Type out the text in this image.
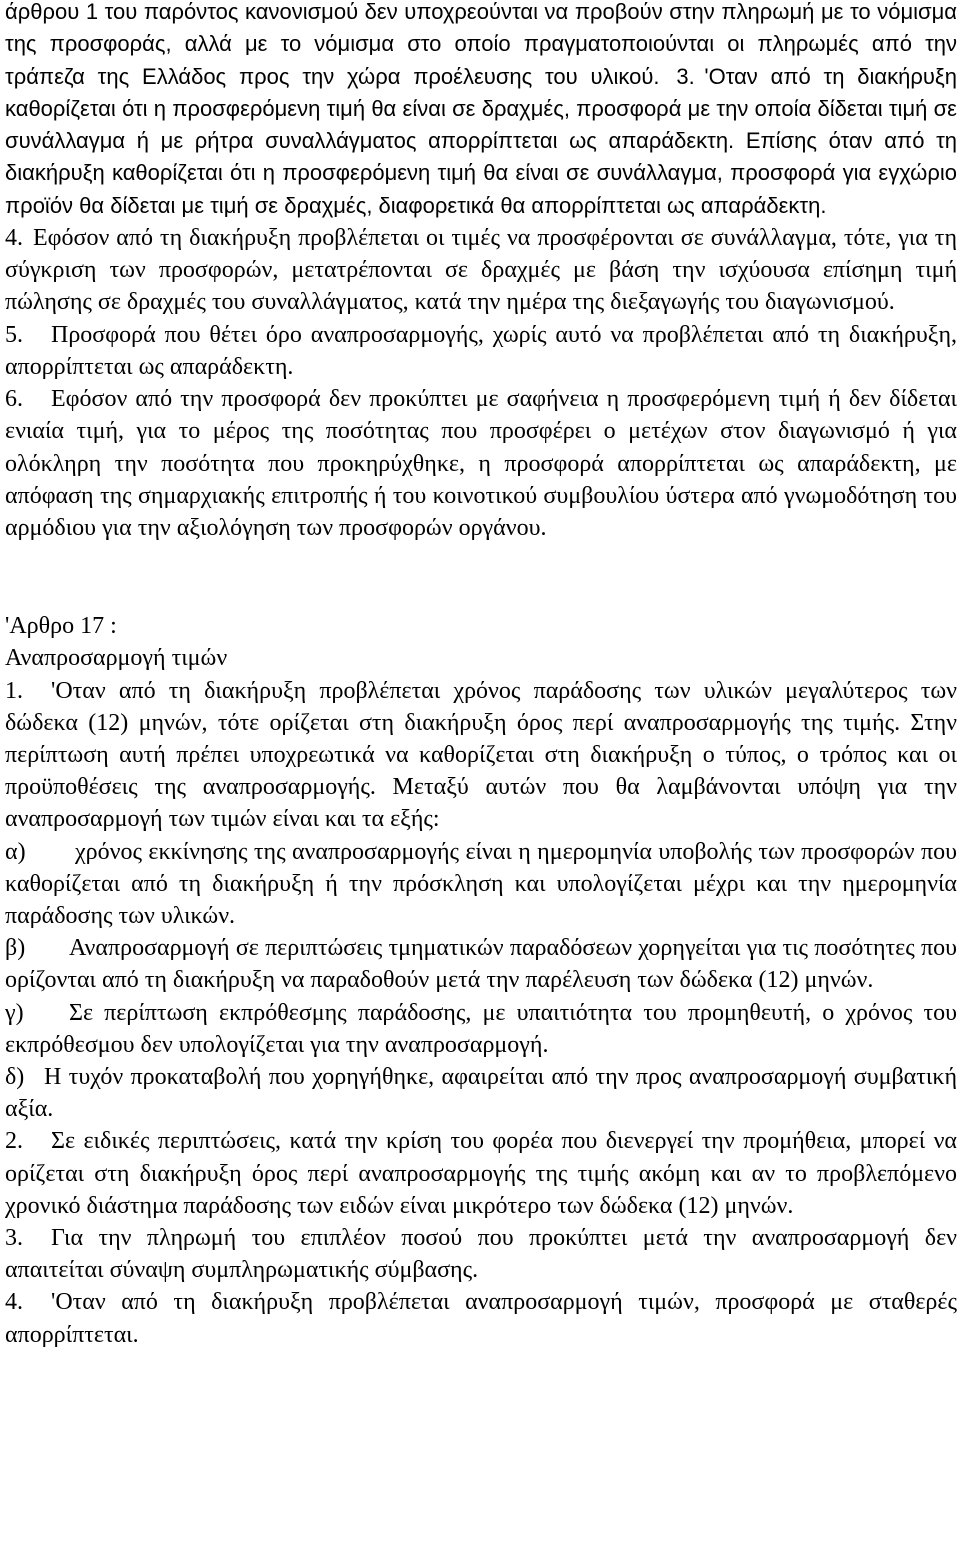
άρθρου 1 του παρόντος κανονισμού δεν υποχρεούνται να προβούν στην πληρωμή με το νόμισμα της προσφοράς, αλλά με το νόμισμα στο οποίο πραγματοποιούνται οι πληρωμές από την τράπεζα της Ελλάδος προς την χώρα προέλευσης του υλικού. 3. 'Οταν από τη διακήρυξη καθορίζεται ότι η προσφερόμενη τιμή θα είναι σε δραχμές, προσφορά με την οποία δίδεται τιμή σε συνάλλαγμα ή με ρήτρα συναλλάγματος απορρίπτεται ως απαράδεκτη. Επίσης όταν από τη διακήρυξη καθορίζεται ότι η προσφερόμενη τιμή θα είναι σε συνάλλαγμα, προσφορά για εγχώριο προϊόν θα δίδεται με τιμή σε δραχμές, διαφορετικά θα απορρίπτεται ως απαράδεκτη.

4. Εφόσον από τη διακήρυξη προβλέπεται οι τιμές να προσφέρονται σε συνάλλαγμα, τότε, για τη σύγκριση των προσφορών, μετατρέπονται σε δραχμές με βάση την ισχύουσα επίσημη τιμή πώλησης σε δραχμές του συναλλάγματος, κατά την ημέρα της διεξαγωγής του διαγωνισμού.

5. Προσφορά που θέτει όρο αναπροσαρμογής, χωρίς αυτό να προβλέπεται από τη διακήρυξη, απορρίπτεται ως απαράδεκτη.

6. Εφόσον από την προσφορά δεν προκύπτει με σαφήνεια η προσφερόμενη τιμή ή δεν δίδεται ενιαία τιμή, για το μέρος της ποσότητας που προσφέρει ο μετέχων στον διαγωνισμό ή για ολόκληρη την ποσότητα που προκηρύχθηκε, η προσφορά απορρίπτεται ως απαράδεκτη, με απόφαση της σημαρχιακής επιτροπής ή του κοινοτικού συμβουλίου ύστερα από γνωμοδότηση του αρμόδιου για την αξιολόγηση των προσφορών οργάνου.

'Αρθρο 17 :

Αναπροσαρμογή τιμών

1. 'Οταν από τη διακήρυξη προβλέπεται χρόνος παράδοσης των υλικών μεγαλύτερος των δώδεκα (12) μηνών, τότε ορίζεται στη διακήρυξη όρος περί αναπροσαρμογής της τιμής. Στην περίπτωση αυτή πρέπει υποχρεωτικά να καθορίζεται στη διακήρυξη ο τύπος, ο τρόπος και οι προϋποθέσεις της αναπροσαρμογής. Μεταξύ αυτών που θα λαμβάνονται υπόψη για την αναπροσαρμογή των τιμών είναι και τα εξής:

α) χρόνος εκκίνησης της αναπροσαρμογής είναι η ημερομηνία υποβολής των προσφορών που καθορίζεται από τη διακήρυξη ή την πρόσκληση και υπολογίζεται μέχρι και την ημερομηνία παράδοσης των υλικών.

β) Αναπροσαρμογή σε περιπτώσεις τμηματικών παραδόσεων χορηγείται για τις ποσότητες που ορίζονται από τη διακήρυξη να παραδοθούν μετά την παρέλευση των δώδεκα (12) μηνών.

γ) Σε περίπτωση εκπρόθεσμης παράδοσης, με υπαιτιότητα του προμηθευτή, ο χρόνος του εκπρόθεσμου δεν υπολογίζεται για την αναπροσαρμογή.

δ) Η τυχόν προκαταβολή που χορηγήθηκε, αφαιρείται από την προς αναπροσαρμογή συμβατική αξία.

2. Σε ειδικές περιπτώσεις, κατά την κρίση του φορέα που διενεργεί την προμήθεια, μπορεί να ορίζεται στη διακήρυξη όρος περί αναπροσαρμογής της τιμής ακόμη και αν το προβλεπόμενο χρονικό διάστημα παράδοσης των ειδών είναι μικρότερο των δώδεκα (12) μηνών.

3. Για την πληρωμή του επιπλέον ποσού που προκύπτει μετά την αναπροσαρμογή δεν απαιτείται σύναψη συμπληρωματικής σύμβασης.

4. 'Οταν από τη διακήρυξη προβλέπεται αναπροσαρμογή τιμών, προσφορά με σταθερές απορρίπτεται.
